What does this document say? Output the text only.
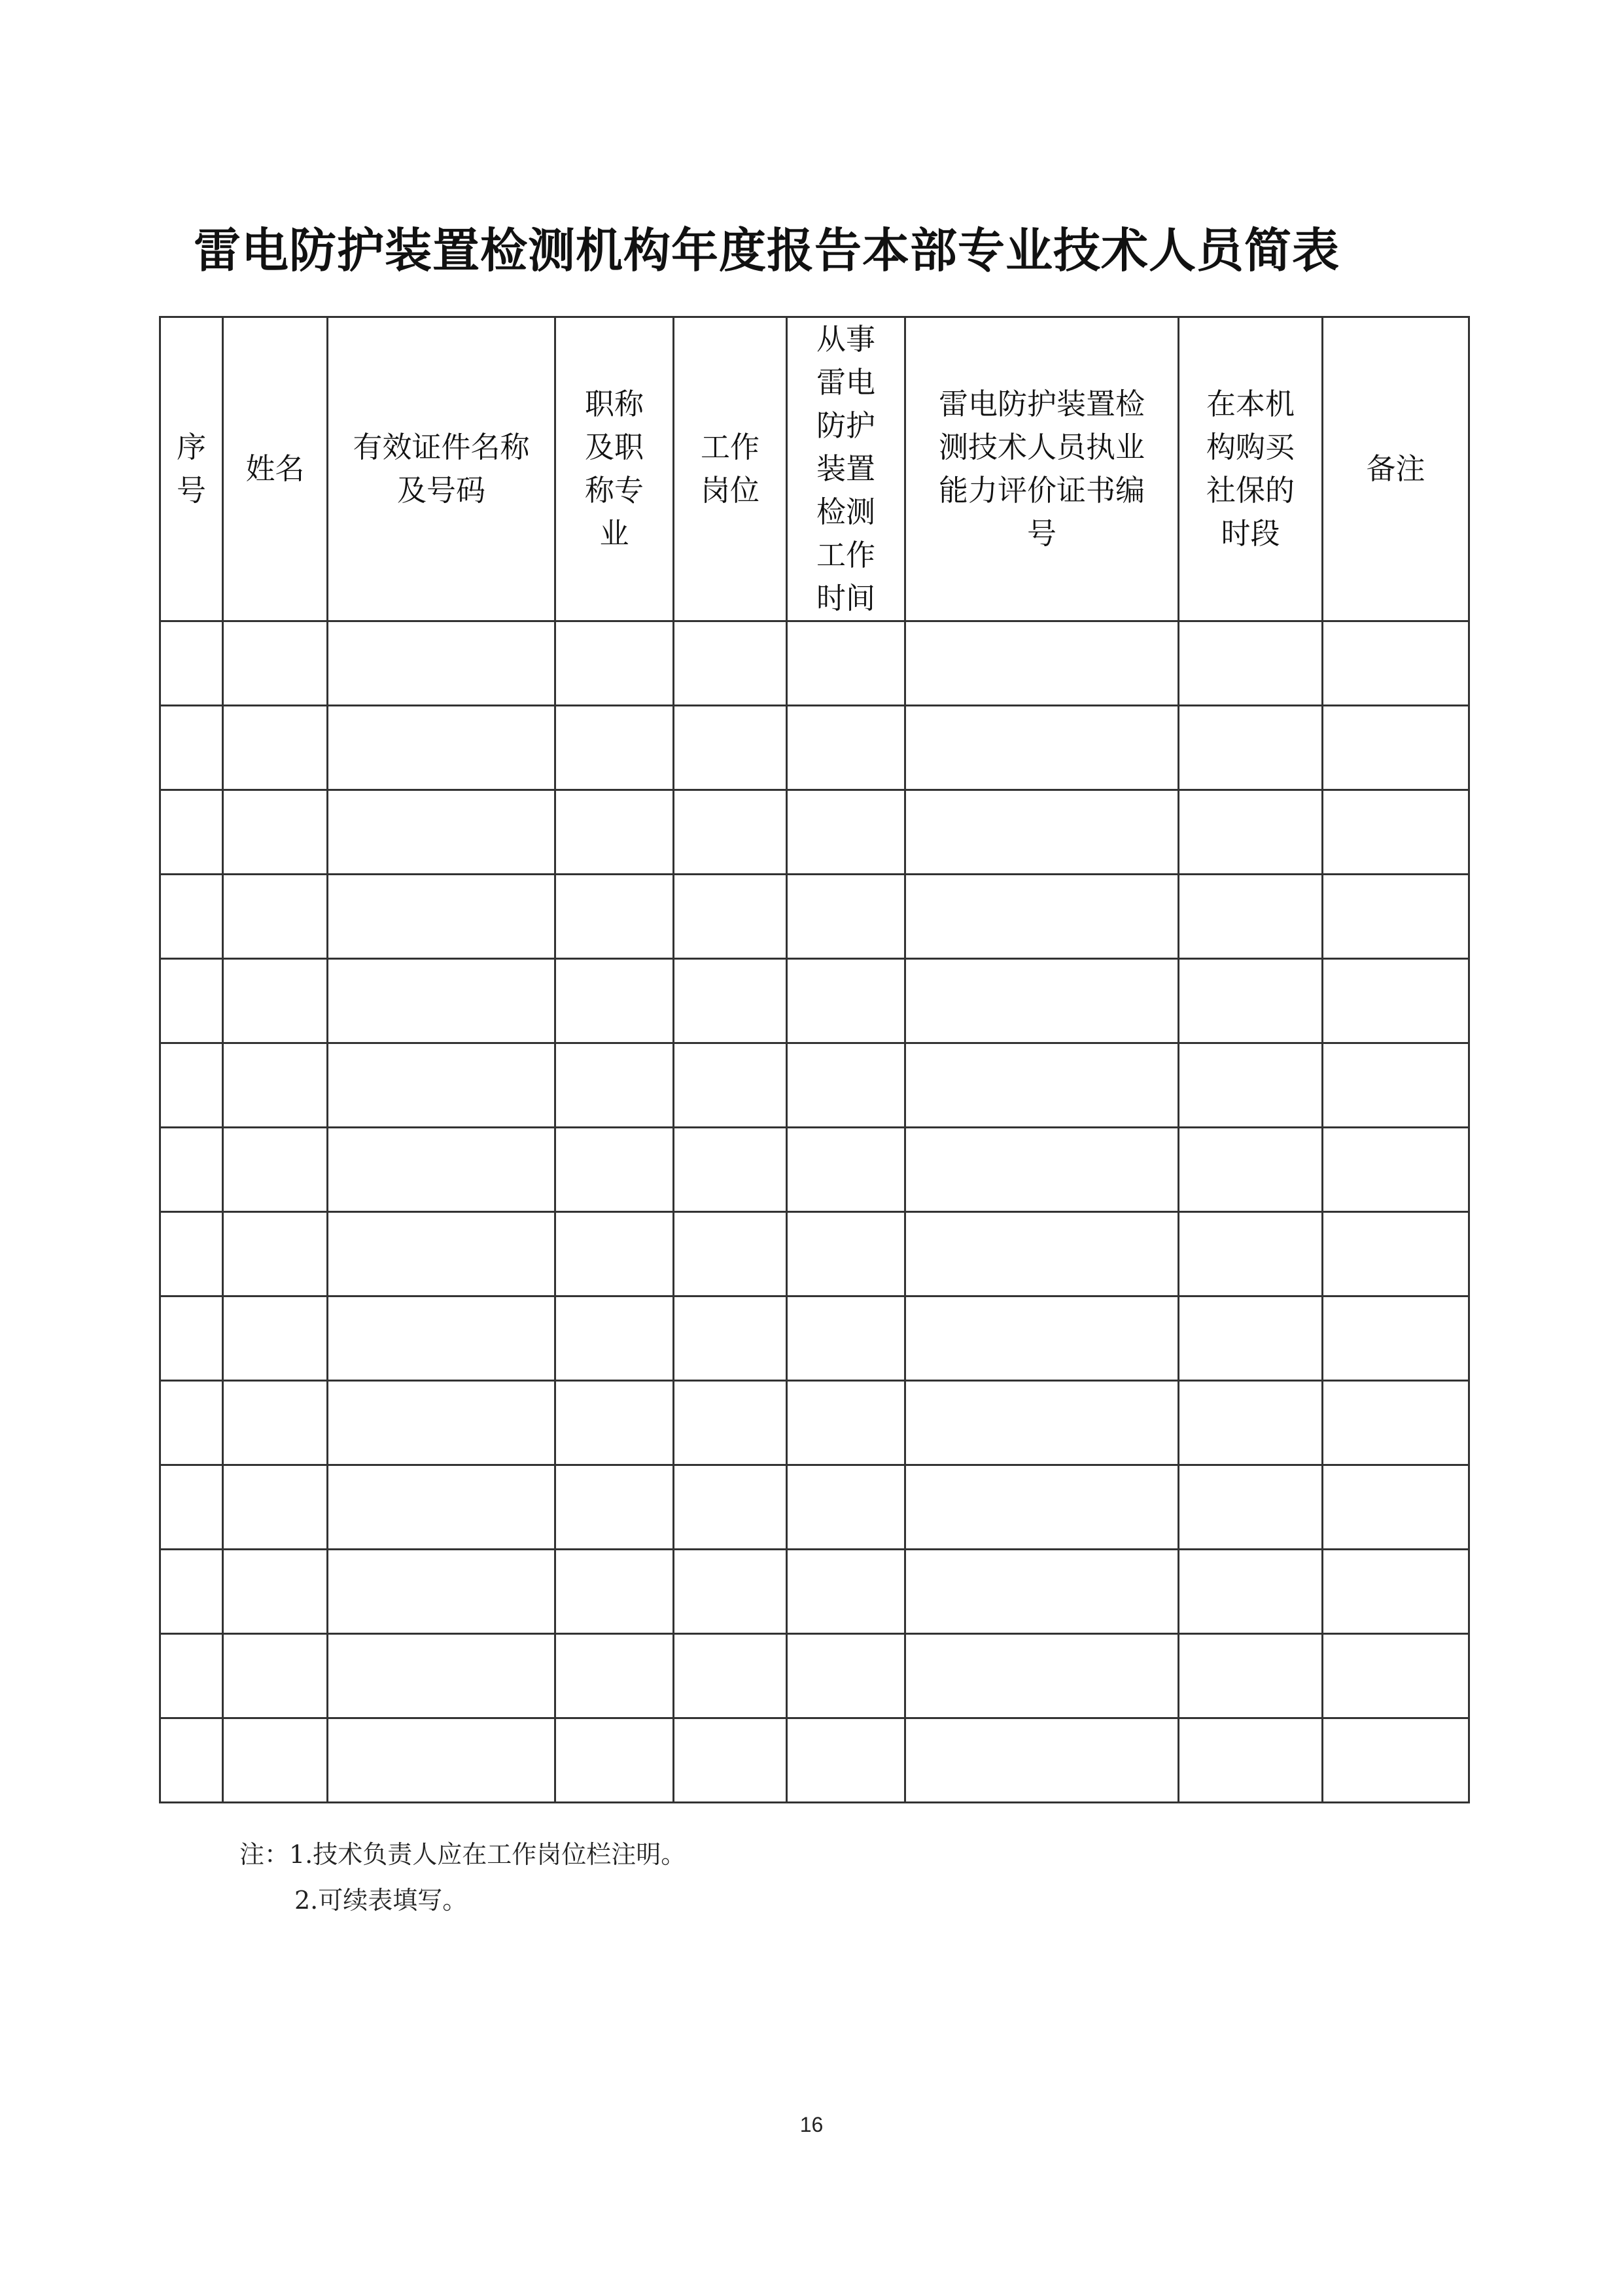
雷电防护装置检测机构年度报告本部专业技术人员简表
序号	姓名	有效证件名称及号码	职称及职称专业	工作岗位	从事雷电防护装置检测工作时间	雷电防护装置检测技术人员执业能力评价证书编号	在本机构购买社保的时段	备注

注：1.技术负责人应在工作岗位栏注明。
2.可续表填写。
16
